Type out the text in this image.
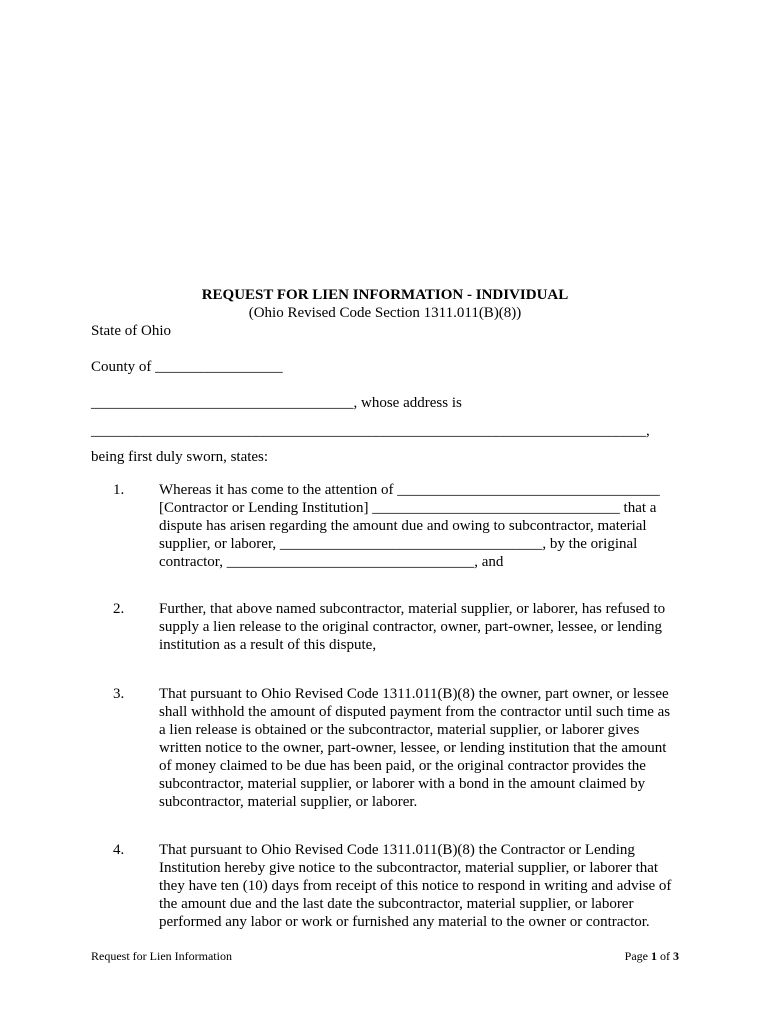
REQUEST FOR LIEN INFORMATION - INDIVIDUAL
(Ohio Revised Code Section 1311.011(B)(8))
State of Ohio
County of _________________
___________________________________, whose address is
__________________________________________________________________________,
being first duly sworn, states:
1. Whereas it has come to the attention of ___________________________________
[Contractor or Lending Institution] _________________________________ that a
dispute has arisen regarding the amount due and owing to subcontractor, material
supplier, or laborer, ___________________________________, by the original
contractor, _________________________________, and
2. Further, that above named subcontractor, material supplier, or laborer, has refused to
supply a lien release to the original contractor, owner, part-owner, lessee, or lending
institution as a result of this dispute,
3. That pursuant to Ohio Revised Code 1311.011(B)(8) the owner, part owner, or lessee
shall withhold the amount of disputed payment from the contractor until such time as
a lien release is obtained or the subcontractor, material supplier, or laborer gives
written notice to the owner, part-owner, lessee, or lending institution that the amount
of money claimed to be due has been paid, or the original contractor provides the
subcontractor, material supplier, or laborer with a bond in the amount claimed by
subcontractor, material supplier, or laborer.
4. That pursuant to Ohio Revised Code 1311.011(B)(8) the Contractor or Lending
Institution hereby give notice to the subcontractor, material supplier, or laborer that
they have ten (10) days from receipt of this notice to respond in writing and advise of
the amount due and the last date the subcontractor, material supplier, or laborer
performed any labor or work or furnished any material to the owner or contractor.
Request for Lien Information	Page 1 of 3
